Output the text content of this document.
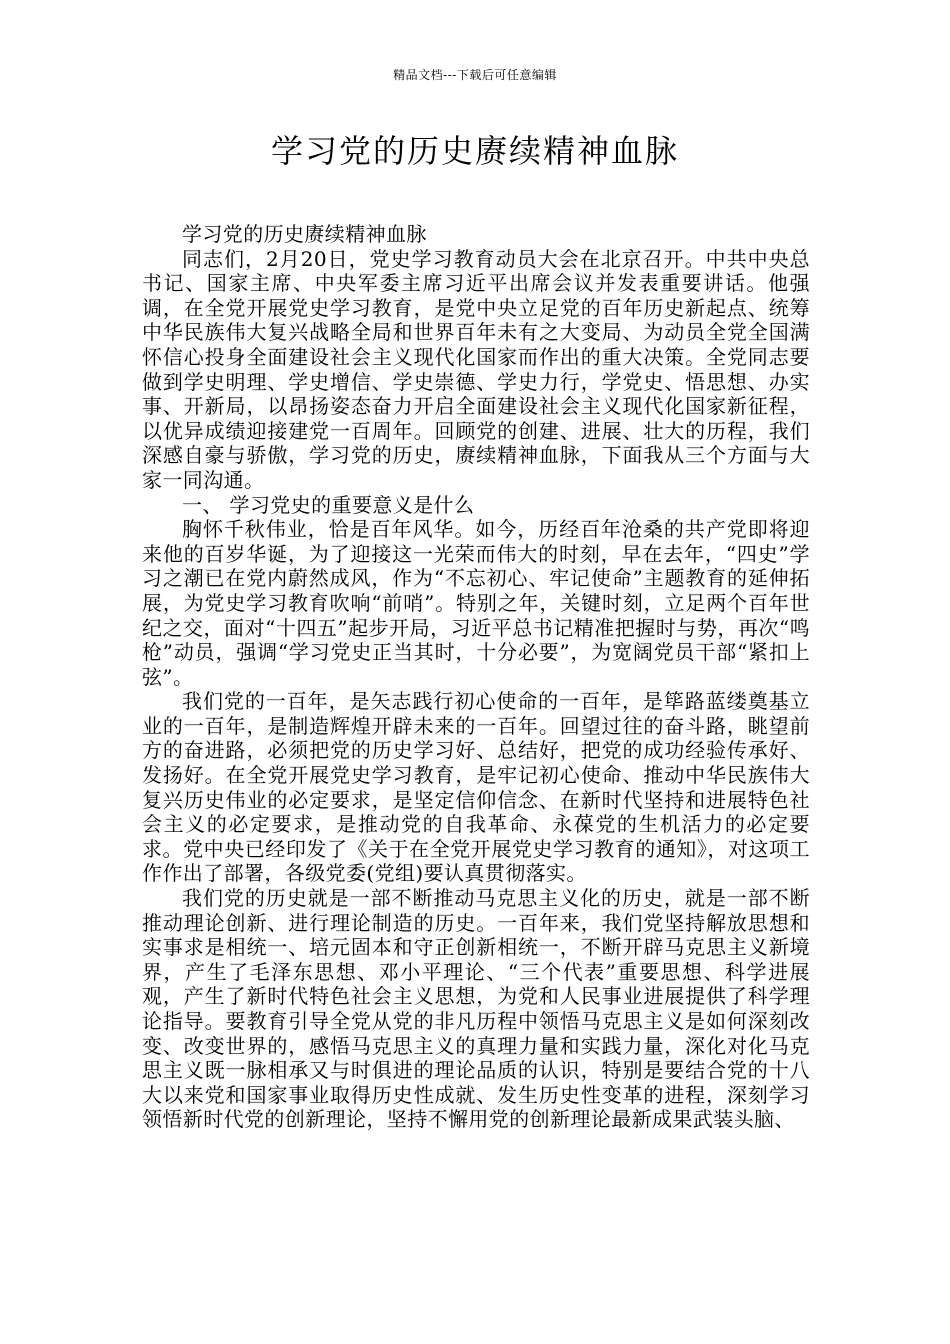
精品文档---下载后可任意编辑
学习党的历史赓续精神血脉

学习党的历史赓续精神血脉

同志们，2月20日，党史学习教育动员大会在北京召开。中共中央总书记、国家主席、中央军委主席习近平出席会议并发表重要讲话。他强调，在全党开展党史学习教育，是党中央立足党的百年历史新起点、统筹中华民族伟大复兴战略全局和世界百年未有之大变局、为动员全党全国满怀信心投身全面建设社会主义现代化国家而作出的重大决策。全党同志要做到学史明理、学史增信、学史崇德、学史力行，学党史、悟思想、办实事、开新局，以昂扬姿态奋力开启全面建设社会主义现代化国家新征程，以优异成绩迎接建党一百周年。回顾党的创建、进展、壮大的历程，我们深感自豪与骄傲，学习党的历史，赓续精神血脉，下面我从三个方面与大家一同沟通。

一、 学习党史的重要意义是什么

胸怀千秋伟业，恰是百年风华。如今，历经百年沧桑的共产党即将迎来他的百岁华诞，为了迎接这一光荣而伟大的时刻，早在去年，“四史”学习之潮已在党内蔚然成风，作为“不忘初心、牢记使命”主题教育的延伸拓展，为党史学习教育吹响“前哨”。特别之年，关键时刻，立足两个百年世纪之交，面对“十四五”起步开局，习近平总书记精准把握时与势，再次“鸣枪”动员，强调“学习党史正当其时，十分必要”，为宽阔党员干部“紧扣上弦”。

我们党的一百年，是矢志践行初心使命的一百年，是筚路蓝缕奠基立业的一百年，是制造辉煌开辟未来的一百年。回望过往的奋斗路，眺望前方的奋进路，必须把党的历史学习好、总结好，把党的成功经验传承好、发扬好。在全党开展党史学习教育，是牢记初心使命、推动中华民族伟大复兴历史伟业的必定要求，是坚定信仰信念、在新时代坚持和进展特色社会主义的必定要求，是推动党的自我革命、永葆党的生机活力的必定要求。党中央已经印发了《关于在全党开展党史学习教育的通知》，对这项工作作出了部署，各级党委(党组)要认真贯彻落实。

我们党的历史就是一部不断推动马克思主义化的历史，就是一部不断推动理论创新、进行理论制造的历史。一百年来，我们党坚持解放思想和实事求是相统一、培元固本和守正创新相统一，不断开辟马克思主义新境界，产生了毛泽东思想、邓小平理论、“三个代表”重要思想、科学进展观，产生了新时代特色社会主义思想，为党和人民事业进展提供了科学理论指导。要教育引导全党从党的非凡历程中领悟马克思主义是如何深刻改变、改变世界的，感悟马克思主义的真理力量和实践力量，深化对化马克思主义既一脉相承又与时俱进的理论品质的认识，特别是要结合党的十八大以来党和国家事业取得历史性成就、发生历史性变革的进程，深刻学习领悟新时代党的创新理论，坚持不懈用党的创新理论最新成果武装头脑、
